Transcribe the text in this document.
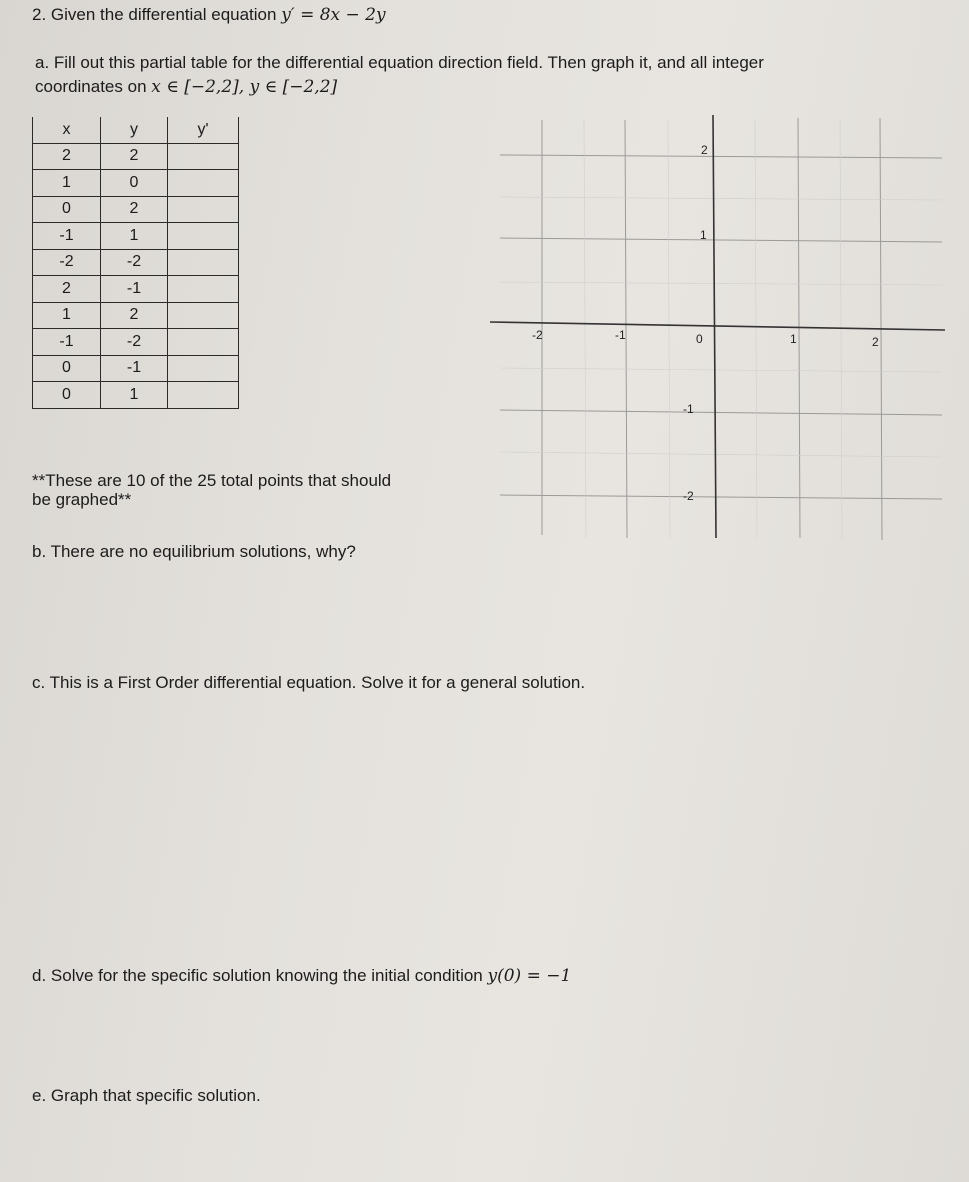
2. Given the differential equation y′ = 8x − 2y
a. Fill out this partial table for the differential equation direction field. Then graph it, and all integer
coordinates on x ∈ [−2,2], y ∈ [−2,2]
x	y	y'
2	2	
1	0	
0	2	
-1	1	
-2	-2	
2	-1	
1	2	
-1	-2	
0	-1	
0	1	
-2	-1	0	1	2
2
1
-1
-2
**These are 10 of the 25 total points that should
be graphed**
b. There are no equilibrium solutions, why?
c. This is a First Order differential equation. Solve it for a general solution.
d. Solve for the specific solution knowing the initial condition y(0) = −1
e. Graph that specific solution.
